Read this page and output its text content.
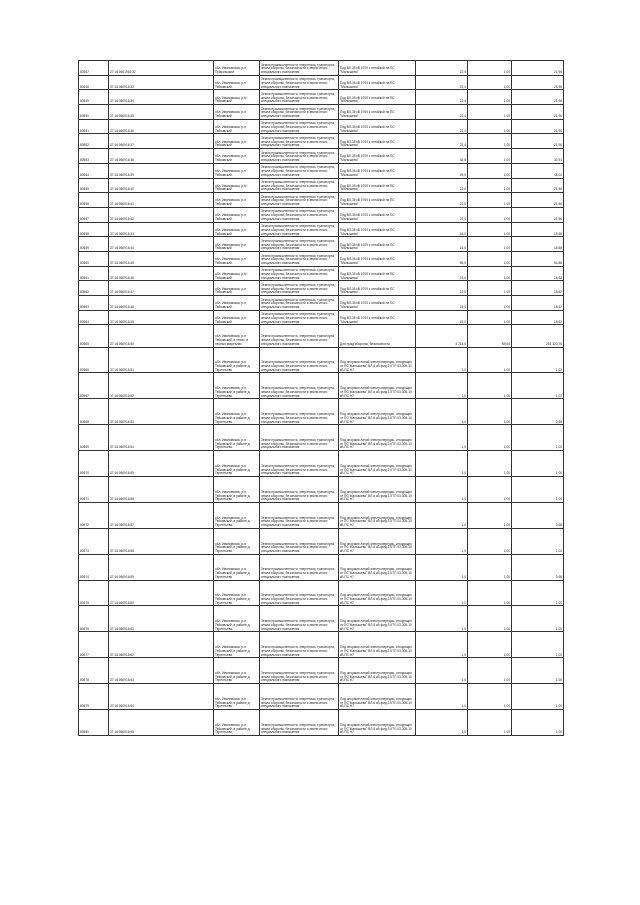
80547	27:16:0601916:32	обл. Ивановская, р-н Пуйкольский	Земли промышленности, энергетики, транспорта, земли обороны, безопасности и земли иного специального назначения	Под ВЛ-35 кВ 0709 с отпайкой на ПС "Малышево"	22,4	1,00	21,96
80548	37:16:060916:33	обл. Ивановская, р-н Тейковский	Земли промышленности, энергетики, транспорта, земли обороны, безопасности и земли иного специального назначения	Под ВЛ-35 кВ 0709 с отпайкой на ПС "Малышево"	22,4	1,00	21,96
80549	37:16:060916:34	обл. Ивановская, р-н Тейковский	Земли промышленности, энергетики, транспорта, земли обороны, безопасности и земли иного специального назначения	Под ВЛ-35 кВ 0709 с отпайкой на ПС "Малышево"	22,4	1,00	21,96
80550	37:16:060916:35	обл. Ивановская, р-н Тейковский	Земли промышленности, энергетики, транспорта, земли обороны, безопасности и земли иного специального назначения	Под ВЛ-35 кВ 0709 с отпайкой на ПС "Малышево"	22,4	1,00	21,96
80551	37:16:060916:36	обл. Ивановская, р-н Тейковский	Земли промышленности, энергетики, транспорта, земли обороны, безопасности и земли иного специального назначения	Под ВЛ-35 кВ 0709 с отпайкой на ПС "Малышево"	22,4	1,00	21,96
80552	37:16:060916:37	обл. Ивановская, р-н Тейковский	Земли промышленности, энергетики, транспорта, земли обороны, безопасности и земли иного специального назначения	Под ВЛ-35 кВ 0709 с отпайкой на ПС "Малышево"	22,4	1,00	21,96
80553	37:16:060916:38	обл. Ивановская, р-н Тейковский	Земли промышленности, энергетики, транспорта, земли обороны, безопасности и земли иного специального назначения	Под ВЛ-35 кВ 0709 с отпайкой на ПС "Малышево"	34,6	1,00	33,91
80554	37:16:060916:39	обл. Ивановская, р-н Тейковский	Земли промышленности, энергетики, транспорта, земли обороны, безопасности и земли иного специального назначения	Под ВЛ-35 кВ 0709 с отпайкой на ПС "Малышево"	49,0	1,00	48,02
80555	37:16:060916:40	обл. Ивановская, р-н Тейковский	Земли промышленности, энергетики, транспорта, земли обороны, безопасности и земли иного специального назначения	Под ВЛ-35 кВ 0709 с отпайкой на ПС "Малышево"	22,0	1,00	21,56
80556	37:16:060916:41	обл. Ивановская, р-н Тейковский	Земли промышленности, энергетики, транспорта, земли обороны, безопасности и земли иного специального назначения	Под ВЛ-35 кВ 0709 с отпайкой на ПС "Малышево"	22,0	1,00	21,56
80557	37:16:060916:42	обл. Ивановская, р-н Тейковский	Земли промышленности, энергетики, транспорта, земли обороны, безопасности и земли иного специального назначения	Под ВЛ-35 кВ 0709 с отпайкой на ПС "Малышево"	22,0	1,00	21,56
80558	37:16:060916:43	обл. Ивановская, р-н Тейковский	Земли промышленности, энергетики, транспорта, земли обороны, безопасности и земли иного специального назначения	Под ВЛ-35 кВ 0709 с отпайкой на ПС "Малышево"	16,0	1,00	15,68
80559	37:16:060916:44	обл. Ивановская, р-н Тейковский	Земли промышленности, энергетики, транспорта, земли обороны, безопасности и земли иного специального назначения	Под ВЛ-35 кВ 0709 с отпайкой на ПС "Малышево"	16,0	1,00	15,68
80560	37:16:060916:45	обл. Ивановская, р-н Тейковский	Земли промышленности, энергетики, транспорта, земли обороны, безопасности и земли иного специального назначения	Под ВЛ-35 кВ 0709 с отпайкой на ПС "Малышево"	56,0	1,00	54,88
80561	37:16:060916:46	обл. Ивановская, р-н Тейковский	Земли промышленности, энергетики, транспорта, земли обороны, безопасности и земли иного специального назначения	Под ВЛ-35 кВ 0709 с отпайкой на ПС "Малышево"	19,0	1,00	18,62
80562	37:16:060916:47	обл. Ивановская, р-н Тейковский	Земли промышленности, энергетики, транспорта, земли обороны, безопасности и земли иного специального назначения	Под ВЛ-35 кВ 0709 с отпайкой на ПС "Малышево"	19,0	1,00	18,62
80563	37:16:060916:48	обл. Ивановская, р-н Тейковский	Земли промышленности, энергетики, транспорта, земли обороны, безопасности и земли иного специального назначения	Под ВЛ-35 кВ 0709 с отпайкой на ПС "Малышево"	19,0	1,00	18,62
80564	37:16:060916:49	обл. Ивановская, р-н Тейковский	Земли промышленности, энергетики, транспорта, земли обороны, безопасности и земли иного специального назначения	Под ВЛ-35 кВ 0709 с отпайкой на ПС "Малышево"	19,0	1,00	18,62
80565	37:16:060916:50	обл. Ивановская, р-н Тейковский, в лесах, в лесных кварталах	Земли промышленности, энергетики, транспорта, земли обороны, безопасности и земли иного специального назначения	Для нужд обороны, безопасности	4 214,0	59,64	251 323,76
80566	37:16:060916:51	обл. Ивановская, р-н Тейковский, в районе д. Терентьево	Земли промышленности, энергетики, транспорта, земли обороны, безопасности и земли иного специального назначения	Под опорами линий электропередач, отходящих от ПС"Малышево" ВЛ-6 кВ фид.3 КТП 03-305-10 кВ ПС Н7	1,0	1,00	1,02
80567	37:16:060916:52	обл. Ивановская, р-н Тейковский, в районе д. Терентьево	Земли промышленности, энергетики, транспорта, земли обороны, безопасности и земли иного специального назначения	Под опорами линий электропередач, отходящих от ПС"Малышево" ВЛ-6 кВ фид.3 КТП 03-305-10 кВ ПС Н7	1,0	1,00	1,02
80568	37:16:060916:53	обл. Ивановская, р-н Тейковский, в районе д. Терентьево	Земли промышленности, энергетики, транспорта, земли обороны, безопасности и земли иного специального назначения	Под опорами линий электропередач, отходящих от ПС"Малышево" ВЛ-6 кВ фид.3 КТП 03-305-10 кВ ПС Н7	1,0	1,00	0,98
80569	37:16:060916:54	обл. Ивановская, р-н Тейковский, в районе д. Терентьево	Земли промышленности, энергетики, транспорта, земли обороны, безопасности и земли иного специального назначения	Под опорами линий электропередач, отходящих от ПС"Малышево" ВЛ-6 кВ фид.3 КТП 03-305-10 кВ ПС Н7	1,0	1,00	1,00
80570	37:16:060916:55	обл. Ивановская, р-н Тейковский, в районе д. Терентьево	Земли промышленности, энергетики, транспорта, земли обороны, безопасности и земли иного специального назначения	Под опорами линий электропередач, отходящих от ПС"Малышево" ВЛ-6 кВ фид.3 КТП 03-305-10 кВ ПС Н7	1,0	1,00	1,00
80571	37:16:060916:56	обл. Ивановская, р-н Тейковский, в районе д. Терентьево	Земли промышленности, энергетики, транспорта, земли обороны, безопасности и земли иного специального назначения	Под опорами линий электропередач, отходящих от ПС"Малышево" ВЛ-6 кВ фид.3 КТП 03-305-10 кВ ПС Н7	1,0	1,00	1,00
80572	37:16:060916:57	обл. Ивановская, р-н Тейковский, в районе д. Терентьево	Земли промышленности, энергетики, транспорта, земли обороны, безопасности и земли иного специального назначения	Под опорами линий электропередач, отходящих от ПС"Малышево" ВЛ-6 кВ фид.3 КТП 03-305-10 кВ ПС Н7	1,0	1,00	0,98
80573	37:16:060916:58	обл. Ивановская, р-н Тейковский, в районе д. Терентьево	Земли промышленности, энергетики, транспорта, земли обороны, безопасности и земли иного специального назначения	Под опорами линий электропередач, отходящих от ПС"Малышево" ВЛ-6 кВ фид.3 КТП 03-305-10 кВ ПС Н7	1,0	1,00	1,02
80574	37:16:060916:59	обл. Ивановская, р-н Тейковский, в районе д. Терентьево	Земли промышленности, энергетики, транспорта, земли обороны, безопасности и земли иного специального назначения	Под опорами линий электропередач, отходящих от ПС"Малышево" ВЛ-6 кВ фид.3 КТП 03-305-10 кВ ПС Н7	1,0	1,00	0,98
80575	37:16:060916:60	обл. Ивановская, р-н Тейковский, в районе д. Терентьево	Земли промышленности, энергетики, транспорта, земли обороны, безопасности и земли иного специального назначения	Под опорами линий электропередач, отходящих от ПС"Малышево" ВЛ-6 кВ фид.3 КТП 03-305-10 кВ ПС Н7	1,0	1,00	1,00
80576	37:16:060916:61	обл. Ивановская, р-н Тейковский, в районе д. Терентьево	Земли промышленности, энергетики, транспорта, земли обороны, безопасности и земли иного специального назначения	Под опорами линий электропередач, отходящих от ПС"Малышево" ВЛ-6 кВ фид.3 КТП 03-305-10 кВ ПС Н7	1,0	1,00	1,00
80577	37:16:060916:62	обл. Ивановская, р-н Тейковский, в районе д. Терентьево	Земли промышленности, энергетики, транспорта, земли обороны, безопасности и земли иного специального назначения	Под опорами линий электропередач, отходящих от ПС"Малышево" ВЛ-6 кВ фид.3 КТП 03-305-10 кВ ПС Н7	1,0	1,00	1,00
80578	37:16:060916:63	обл. Ивановская, р-н Тейковский, в районе д. Терентьево	Земли промышленности, энергетики, транспорта, земли обороны, безопасности и земли иного специального назначения	Под опорами линий электропередач, отходящих от ПС"Малышево" ВЛ-6 кВ фид.3 КТП 03-305-10 кВ ПС Н7	1,0	1,00	1,00
80579	37:16:060916:64	обл. Ивановская, р-н Тейковский, в районе д. Терентьево	Земли промышленности, энергетики, транспорта, земли обороны, безопасности и земли иного специального назначения	Под опорами линий электропередач, отходящих от ПС"Малышево" ВЛ-6 кВ фид.3 КТП 03-305-10 кВ ПС Н7	1,0	1,00	1,00
80580	37:16:060916:65	обл. Ивановская, р-н Тейковский, в районе д. Терентьево	Земли промышленности, энергетики, транспорта, земли обороны, безопасности и земли иного специального назначения	Под опорами линий электропередач, отходящих от ПС"Малышево" ВЛ-6 кВ фид.3 КТП 03-305-10 кВ ПС Н7	1,0	1,00	1,00
